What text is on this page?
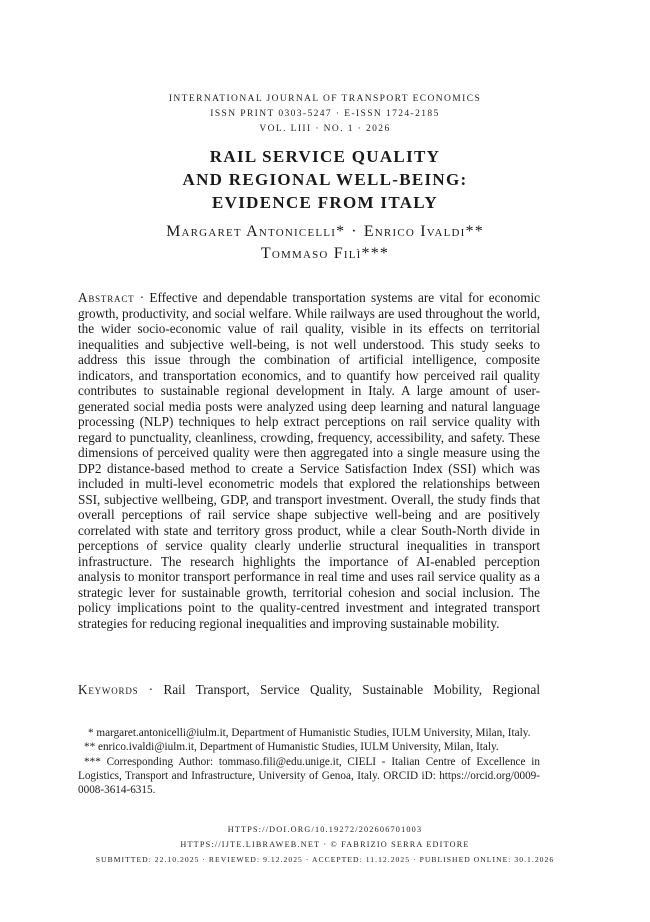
INTERNATIONAL JOURNAL OF TRANSPORT ECONOMICS
ISSN PRINT 0303-5247 · E-ISSN 1724-2185
VOL. LIII · NO. 1 · 2026
RAIL SERVICE QUALITY
AND REGIONAL WELL-BEING:
EVIDENCE FROM ITALY
Margaret Antonicelli* · Enrico Ivaldi**
Tommaso Filì***
Abstract · Effective and dependable transportation systems are vital for economic growth, productivity, and social welfare. While railways are used throughout the world, the wider socio-economic value of rail quality, visible in its effects on territorial inequalities and subjective well-being, is not well understood. This study seeks to address this issue through the combination of artificial intelligence, composite indicators, and transportation economics, and to quantify how perceived rail quality contributes to sustainable regional development in Italy. A large amount of user-generated social media posts were analyzed using deep learning and natural language processing (NLP) techniques to help extract perceptions on rail service quality with regard to punctuality, cleanliness, crowding, frequency, accessibility, and safety. These dimensions of perceived quality were then aggregated into a single measure using the DP2 distance-based method to create a Service Satisfaction Index (SSI) which was included in multi-level econometric models that explored the relationships between SSI, subjective wellbeing, GDP, and transport investment. Overall, the study finds that overall perceptions of rail service shape subjective well-being and are positively correlated with state and territory gross product, while a clear South-North divide in perceptions of service quality clearly underlie structural inequalities in transport infrastructure. The research highlights the importance of AI-enabled perception analysis to monitor transport performance in real time and uses rail service quality as a strategic lever for sustainable growth, territorial cohesion and social inclusion. The policy implications point to the quality-centred investment and integrated transport strategies for reducing regional inequalities and improving sustainable mobility.
Keywords · Rail Transport, Service Quality, Sustainable Mobility, Regional

* margaret.antonicelli@iulm.it, Department of Humanistic Studies, IULM University, Milan, Italy.

** enrico.ivaldi@iulm.it, Department of Humanistic Studies, IULM University, Milan, Italy.

*** Corresponding Author: tommaso.fili@edu.unige.it, CIELI - Italian Centre of Excellence in Logistics, Transport and Infrastructure, University of Genoa, Italy. ORCID iD: https://orcid.org/0009-0008-3614-6315.

HTTPS://DOI.ORG/10.19272/202606701003
HTTPS://IJTE.LIBRAWEB.NET · © FABRIZIO SERRA EDITORE
SUBMITTED: 22.10.2025 · REVIEWED: 9.12.2025 · ACCEPTED: 11.12.2025 · PUBLISHED ONLINE: 30.1.2026
